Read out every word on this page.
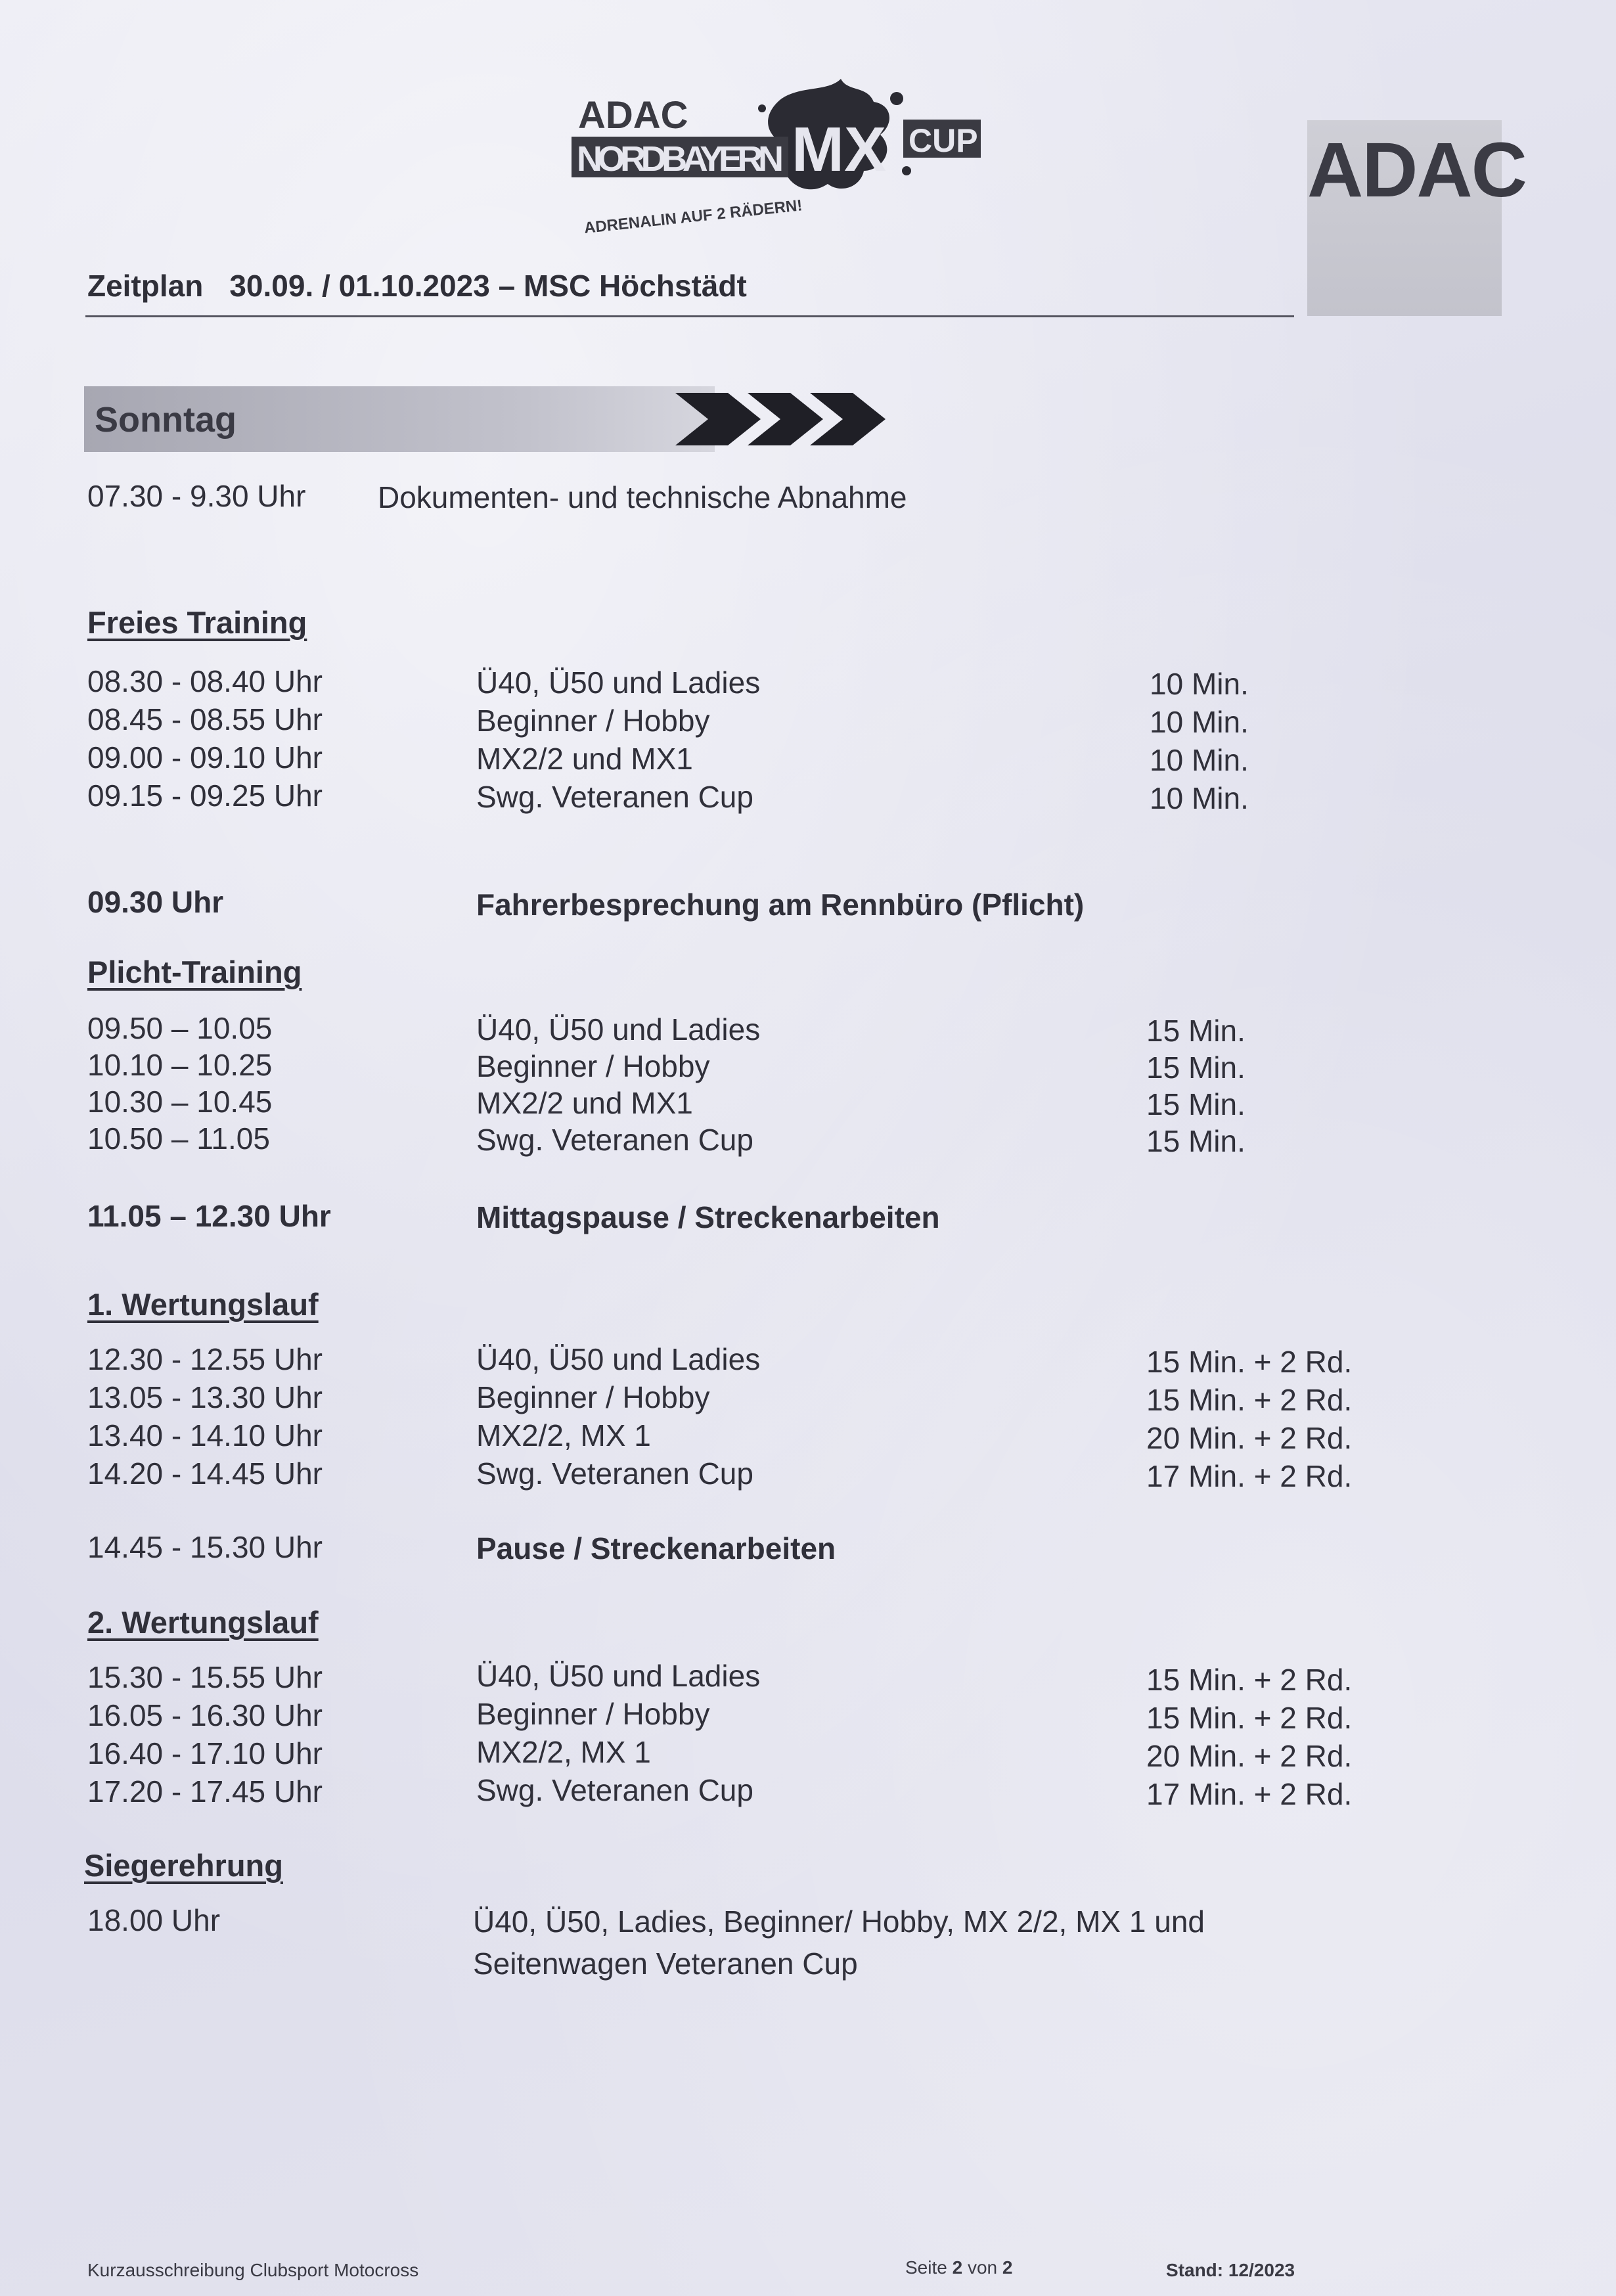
ADAC
NORDBAYERN MX CUP
ADRENALIN AUF 2 RÄDERN!
ADAC
Zeitplan 30.09. / 01.10.2023 – MSC Höchstädt
Sonntag
07.30 - 9.30 Uhr Dokumenten- und technische Abnahme
Freies Training
08.30 - 08.40 Uhr	Ü40, Ü50 und Ladies	10 Min.
08.45 - 08.55 Uhr	Beginner / Hobby	10 Min.
09.00 - 09.10 Uhr	MX2/2 und MX1	10 Min.
09.15 - 09.25 Uhr	Swg. Veteranen Cup	10 Min.
09.30 Uhr	Fahrerbesprechung am Rennbüro (Pflicht)
Plicht-Training
09.50 – 10.05	Ü40, Ü50 und Ladies	15 Min.
10.10 – 10.25	Beginner / Hobby	15 Min.
10.30 – 10.45	MX2/2 und MX1	15 Min.
10.50 – 11.05	Swg. Veteranen Cup	15 Min.
11.05 – 12.30 Uhr	Mittagspause / Streckenarbeiten
1. Wertungslauf
12.30 - 12.55 Uhr	Ü40, Ü50 und Ladies	15 Min. + 2 Rd.
13.05 - 13.30 Uhr	Beginner / Hobby	15 Min. + 2 Rd.
13.40 - 14.10 Uhr	MX2/2, MX 1	20 Min. + 2 Rd.
14.20 - 14.45 Uhr	Swg. Veteranen Cup	17 Min. + 2 Rd.
14.45 - 15.30 Uhr	Pause / Streckenarbeiten
2. Wertungslauf
15.30 - 15.55 Uhr	Ü40, Ü50 und Ladies	15 Min. + 2 Rd.
16.05 - 16.30 Uhr	Beginner / Hobby	15 Min. + 2 Rd.
16.40 - 17.10 Uhr	MX2/2, MX 1	20 Min. + 2 Rd.
17.20 - 17.45 Uhr	Swg. Veteranen Cup	17 Min. + 2 Rd.
Siegerehrung
18.00 Uhr	Ü40, Ü50, Ladies, Beginner/ Hobby, MX 2/2, MX 1 und
Seitenwagen Veteranen Cup
Kurzausschreibung Clubsport Motocross	Seite 2 von 2	Stand: 12/2023
